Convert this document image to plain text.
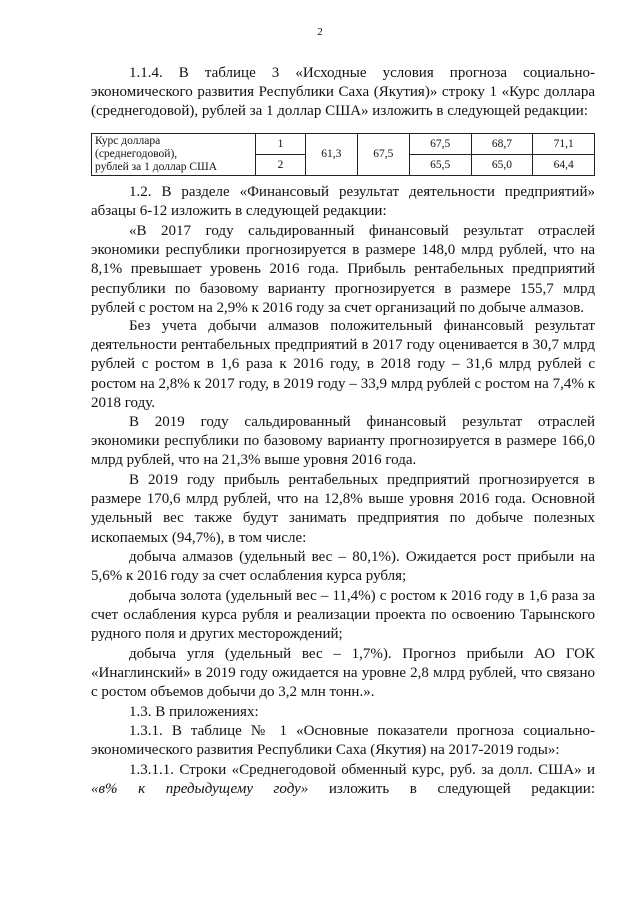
2

1.1.4. В таблице 3 «Исходные условия прогноза социально-экономического развития Республики Саха (Якутия)» строку 1 «Курс доллара (среднегодовой), рублей за 1 доллар США» изложить в следующей редакции:

Курс доллара
(среднегодовой),
рублей за 1 доллар США	1	61,3	67,5	67,5	68,7	71,1
	2			65,5	65,0	64,4

1.2. В разделе «Финансовый результат деятельности предприятий» абзацы 6-12 изложить в следующей редакции:

«В 2017 году сальдированный финансовый результат отраслей экономики республики прогнозируется в размере 148,0 млрд рублей, что на 8,1% превышает уровень 2016 года. Прибыль рентабельных предприятий республики по базовому варианту прогнозируется в размере 155,7 млрд рублей с ростом на 2,9% к 2016 году за счет организаций по добыче алмазов.

Без учета добычи алмазов положительный финансовый результат деятельности рентабельных предприятий в 2017 году оценивается в 30,7 млрд рублей с ростом в 1,6 раза к 2016 году, в 2018 году – 31,6 млрд рублей с ростом на 2,8% к 2017 году, в 2019 году – 33,9 млрд рублей с ростом на 7,4% к 2018 году.

В 2019 году сальдированный финансовый результат отраслей экономики республики по базовому варианту прогнозируется в размере 166,0 млрд рублей, что на 21,3% выше уровня 2016 года.

В 2019 году прибыль рентабельных предприятий прогнозируется в размере 170,6 млрд рублей, что на 12,8% выше уровня 2016 года. Основной удельный вес также будут занимать предприятия по добыче полезных ископаемых (94,7%), в том числе:

добыча алмазов (удельный вес – 80,1%). Ожидается рост прибыли на 5,6% к 2016 году за счет ослабления курса рубля;

добыча золота (удельный вес – 11,4%) с ростом к 2016 году в 1,6 раза за счет ослабления курса рубля и реализации проекта по освоению Тарынского рудного поля и других месторождений;

добыча угля (удельный вес – 1,7%). Прогноз прибыли АО ГОК «Инаглинский» в 2019 году ожидается на уровне 2,8 млрд рублей, что связано с ростом объемов добычи до 3,2 млн тонн.».

1.3. В приложениях:

1.3.1. В таблице № 1 «Основные показатели прогноза социально-экономического развития Республики Саха (Якутия) на 2017-2019 годы»:

1.3.1.1. Строки «Среднегодовой обменный курс, руб. за долл. США» и «в% к предыдущему году» изложить в следующей редакции:
